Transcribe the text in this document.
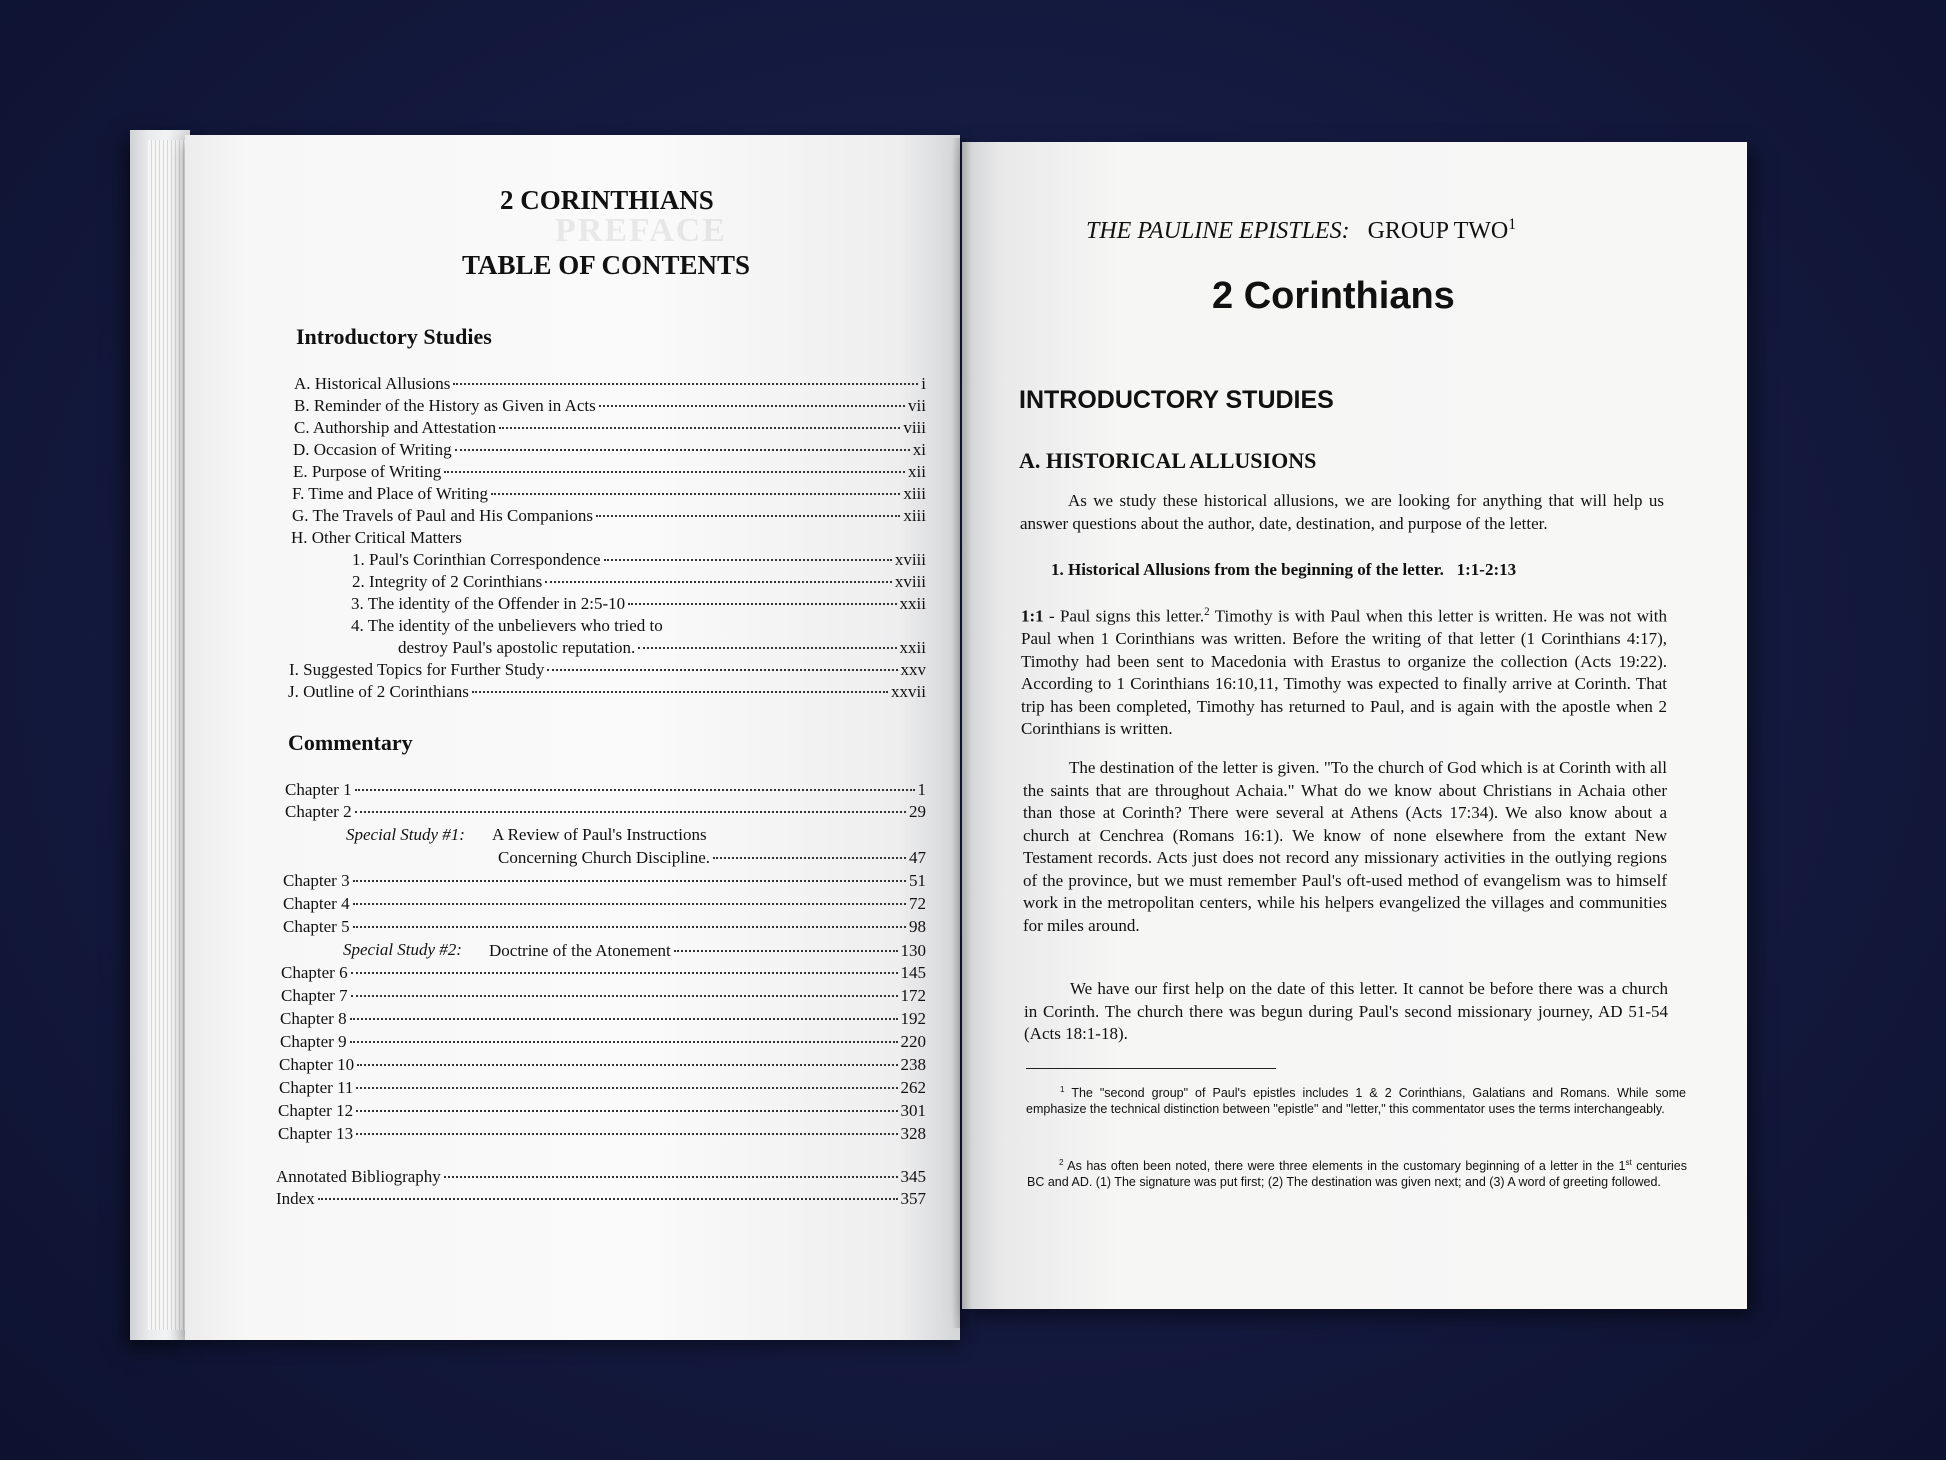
PREFACE
2 CORINTHIANS
TABLE OF CONTENTS
Introductory Studies
A. Historical Allusions	i
B. Reminder of the History as Given in Acts	vii
C. Authorship and Attestation	viii
D. Occasion of Writing	xi
E. Purpose of Writing	xii
F. Time and Place of Writing	xiii
G. The Travels of Paul and His Companions	xiii
H. Other Critical Matters
1. Paul's Corinthian Correspondence	xviii
2. Integrity of 2 Corinthians	xviii
3. The identity of the Offender in 2:5-10	xxii
4. The identity of the unbelievers who tried to
destroy Paul's apostolic reputation.	xxii
I. Suggested Topics for Further Study	xxv
J. Outline of 2 Corinthians	xxvii
Commentary
Chapter 1	1
Chapter 2	29
Special Study #1: A Review of Paul's Instructions
Concerning Church Discipline.	47
Chapter 3	51
Chapter 4	72
Chapter 5	98
Special Study #2: Doctrine of the Atonement	130
Chapter 6	145
Chapter 7	172
Chapter 8	192
Chapter 9	220
Chapter 10	238
Chapter 11	262
Chapter 12	301
Chapter 13	328
Annotated Bibliography	345
Index	357
THE PAULINE EPISTLES: GROUP TWO$^1$
2 Corinthians
INTRODUCTORY STUDIES
A. HISTORICAL ALLUSIONS
As we study these historical allusions, we are looking for anything that will help us answer questions about the author, date, destination, and purpose of the letter.
1. Historical Allusions from the beginning of the letter. 1:1-2:13
1:1 - Paul signs this letter.$^2$ Timothy is with Paul when this letter is written. He was not with Paul when 1 Corinthians was written. Before the writing of that letter (1 Corinthians 4:17), Timothy had been sent to Macedonia with Erastus to organize the collection (Acts 19:22). According to 1 Corinthians 16:10,11, Timothy was expected to finally arrive at Corinth. That trip has been completed, Timothy has returned to Paul, and is again with the apostle when 2 Corinthians is written.
The destination of the letter is given. "To the church of God which is at Corinth with all the saints that are throughout Achaia." What do we know about Christians in Achaia other than those at Corinth? There were several at Athens (Acts 17:34). We also know about a church at Cenchrea (Romans 16:1). We know of none elsewhere from the extant New Testament records. Acts just does not record any missionary activities in the outlying regions of the province, but we must remember Paul's oft-used method of evangelism was to himself work in the metropolitan centers, while his helpers evangelized the villages and communities for miles around.
We have our first help on the date of this letter. It cannot be before there was a church in Corinth. The church there was begun during Paul's second missionary journey, AD 51-54 (Acts 18:1-18).
$^1$ The "second group" of Paul's epistles includes 1 & 2 Corinthians, Galatians and Romans. While some emphasize the technical distinction between "epistle" and "letter," this commentator uses the terms interchangeably.
$^2$ As has often been noted, there were three elements in the customary beginning of a letter in the 1st centuries BC and AD. (1) The signature was put first; (2) The destination was given next; and (3) A word of greeting followed.
